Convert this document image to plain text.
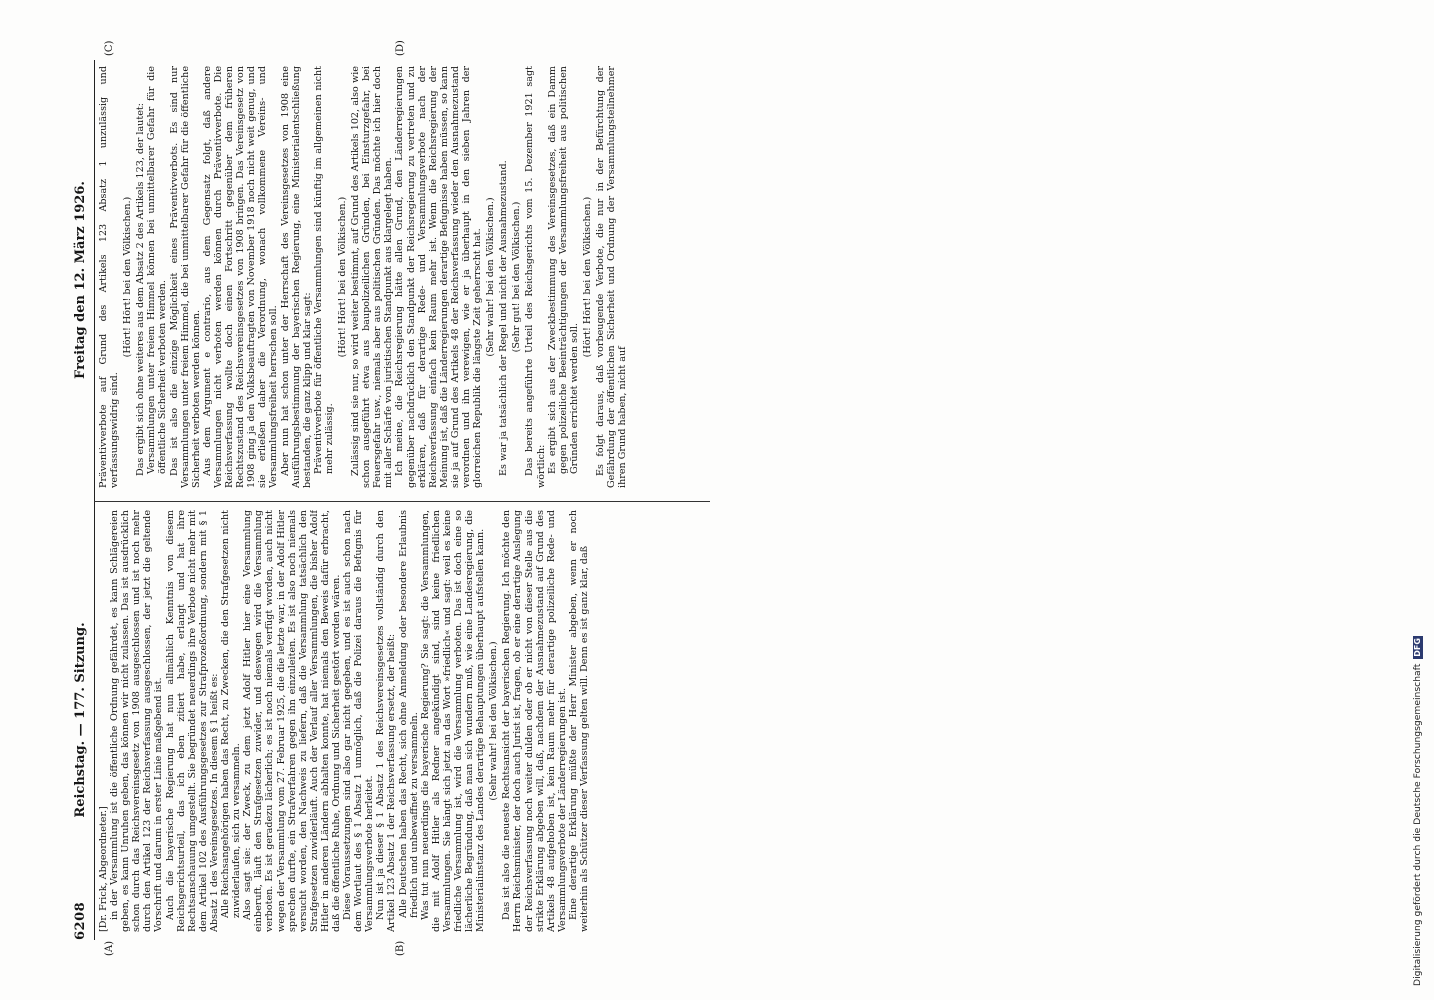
6208
Reichstag. — 177. Sitzung.
Freitag den 12. März 1926.
(A)	(B)
(C)	(D)

[Dr. Frick, Abgeordneter.] in der Versammlung ist die öffentliche Ordnung gefährdet, es kann Schlägereien geben, es kann Unruhen geben, das können wir nicht zulassen. Das ist ausdrücklich schon durch das Reichsvereinsgesetz von 1908 ausgeschlossen und ist noch mehr durch den Artikel 123 der Reichsverfassung ausgeschlossen, der jetzt die geltende Vorschrift und darum in erster Linie maßgebend ist. Auch die bayerische Regierung hat nun allmählich Kenntnis von diesem Reichsgerichtsurteil, das ich eben zitiert habe, erlangt und hat ihre Rechtsanschauung umgestellt. Sie begründet neuerdings ihre Verbote nicht mehr mit dem Artikel 102 des Ausführungsgesetzes zur Strafprozeßordnung, sondern mit § 1 Absatz 1 des Vereinsgesetzes. In diesem § 1 heißt es: Alle Reichsangehörigen haben das Recht, zu Zwecken, die den Strafgesetzen nicht zuwiderlaufen, sich zu versammeln. Also sagt sie: der Zweck, zu dem jetzt Adolf Hitler hier eine Versammlung einberuft, läuft den Strafgesetzen zuwider, und deswegen wird die Versammlung verboten. Es ist geradezu lächerlich; es ist noch niemals verfügt worden, auch nicht wegen der Versammlung vom 27. Februar 1925, die die letzte war, in der Adolf Hitler sprechen durfte, ein Strafverfahren gegen ihn einzuleiten. Es ist also noch niemals versucht worden, den Nachweis zu liefern, daß die Versammlung tatsächlich den Strafgesetzen zuwiderläuft. Auch der Verlauf aller Versammlungen, die bisher Adolf Hitler in anderen Ländern abhalten konnte, hat niemals den Beweis dafür erbracht, daß die öffentliche Ruhe, Ordnung und Sicherheit gestört worden wären. Diese Voraussetzungen sind also gar nicht gegeben, und es ist auch schon nach dem Wortlaut des § 1 Absatz 1 unmöglich, daß die Polizei daraus die Befugnis für Versammlungsverbote herleitet. Nun ist ja dieser § 1 Absatz 1 des Reichsvereinsgesetzes vollständig durch den Artikel 123 Absatz 1 der Reichsverfassung ersetzt, der heißt: Alle Deutschen haben das Recht, sich ohne Anmeldung oder besondere Erlaubnis friedlich und unbewaffnet zu versammeln. Was tut nun neuerdings die bayerische Regierung? Sie sagt: die Versammlungen, die mit Adolf Hitler als Redner angekündigt sind, sind keine friedlichen Versammlungen. Sie hängt sich jetzt an das Wort »friedlich« und sagt: weil es keine friedliche Versammlung ist, wird die Versammlung verboten. Das ist doch eine so lächerliche Begründung, daß man sich wundern muß, wie eine Landesregierung, die Ministerialinstanz des Landes derartige Behauptungen überhaupt aufstellen kann. (Sehr wahr! bei den Völkischen.) Das ist also die neueste Rechtsansicht der bayerischen Regierung. Ich möchte den Herrn Reichsminister, der doch auch Jurist ist, fragen, ob er eine derartige Auslegung der Reichsverfassung noch weiter dulden oder ob er nicht von dieser Stelle aus die strikte Erklärung abgeben will, daß, nachdem der Ausnahmezustand auf Grund des Artikels 48 aufgehoben ist, kein Raum mehr für derartige polizeiliche Rede- und Versammlungsverbote der Länderregierungen ist. Eine derartige Erklärung müßte der Herr Minister abgeben, wenn er noch weiterhin als Schützer dieser Verfassung gelten will. Denn es ist ganz klar, daß

Präventivverbote auf Grund des Artikels 123 Absatz 1 unzulässig und verfassungswidrig sind.

(Hört! Hört! bei den Völkischen.) Das ergibt sich ohne weiteres aus dem Absatz 2 des Artikels 123, der lautet: Versammlungen unter freiem Himmel können bei unmittelbarer Gefahr für die öffentliche Sicherheit verboten werden. Das ist also die einzige Möglichkeit eines Präventivverbots. Es sind nur Versammlungen unter freiem Himmel, die bei unmittelbarer Gefahr für die öffentliche Sicherheit verboten werden können. Aus dem Argument e contrario, aus dem Gegensatz folgt, daß andere Versammlungen nicht verboten werden können durch Präventivverbote. Die Reichsverfassung wollte doch einen Fortschritt gegenüber dem früheren Rechtszustand des Reichsvereinsgesetzes von 1908 bringen. Das Vereinsgesetz von 1908 ging ja den Volksbeauftragten von November 1918 noch nicht weit genug, und sie erließen daher die Verordnung, wonach vollkommene Vereins- und Versammlungsfreiheit herrschen soll. Aber nun hat schon unter der Herrschaft des Vereinsgesetzes von 1908 eine Ausführungsbestimmung der bayerischen Regierung, eine Ministerialentschließung bestanden, die ganz klipp und klar sagt: Präventivverbote für öffentliche Versammlungen sind künftig im allgemeinen nicht mehr zulässig.

(Hört! Hört! bei den Völkischen.) Zulässig sind sie nur, so wird weiter bestimmt, auf Grund des Artikels 102, also wie schon ausgeführt etwa aus baupolizeilichen Gründen, bei Einsturzgefahr, bei Feuersgefahr usw., niemals aber aus politischen Gründen. Das möchte ich hier doch mit aller Schärfe von juristischen Standpunkt aus klargelegt haben. Ich meine, die Reichsregierung hätte allen Grund, den Länderregierungen gegenüber nachdrücklich den Standpunkt der Reichsregierung zu vertreten und zu erklären, daß für derartige Rede- und Versammlungsverbote nach der Reichsverfassung einfach kein Raum mehr ist. Wenn die Reichsregierung der Meinung ist, daß die Länderregierungen derartige Befugnisse haben müssen, so kann sie ja auf Grund des Artikels 48 der Reichsverfassung wieder den Ausnahmezustand verordnen und ihn verewigen, wie er ja überhaupt in den sieben Jahren der glorreichen Republik die längste Zeit geherrscht hat. (Sehr wahr! bei den Völkischen.) Es war ja tatsächlich der Regel und nicht der Ausnahmezustand. (Sehr gut! bei den Völkischen.) Das bereits angeführte Urteil des Reichsgerichts vom 15. Dezember 1921 sagt wörtlich: Es ergibt sich aus der Zweckbestimmung des Vereinsgesetzes, daß ein Damm gegen polizeiliche Beeinträchtigungen der Versammlungsfreiheit aus politischen Gründen errichtet werden soll.

(Hört! Hört! bei den Völkischen.) Es folgt daraus, daß vorbeugende Verbote, die nur in der Befürchtung der Gefährdung der öffentlichen Sicherheit und Ordnung der Versammlungsteilnehmer ihren Grund haben, nicht auf

Digitalisierung gefördert durch die Deutsche Forschungsgemeinschaft DFG
